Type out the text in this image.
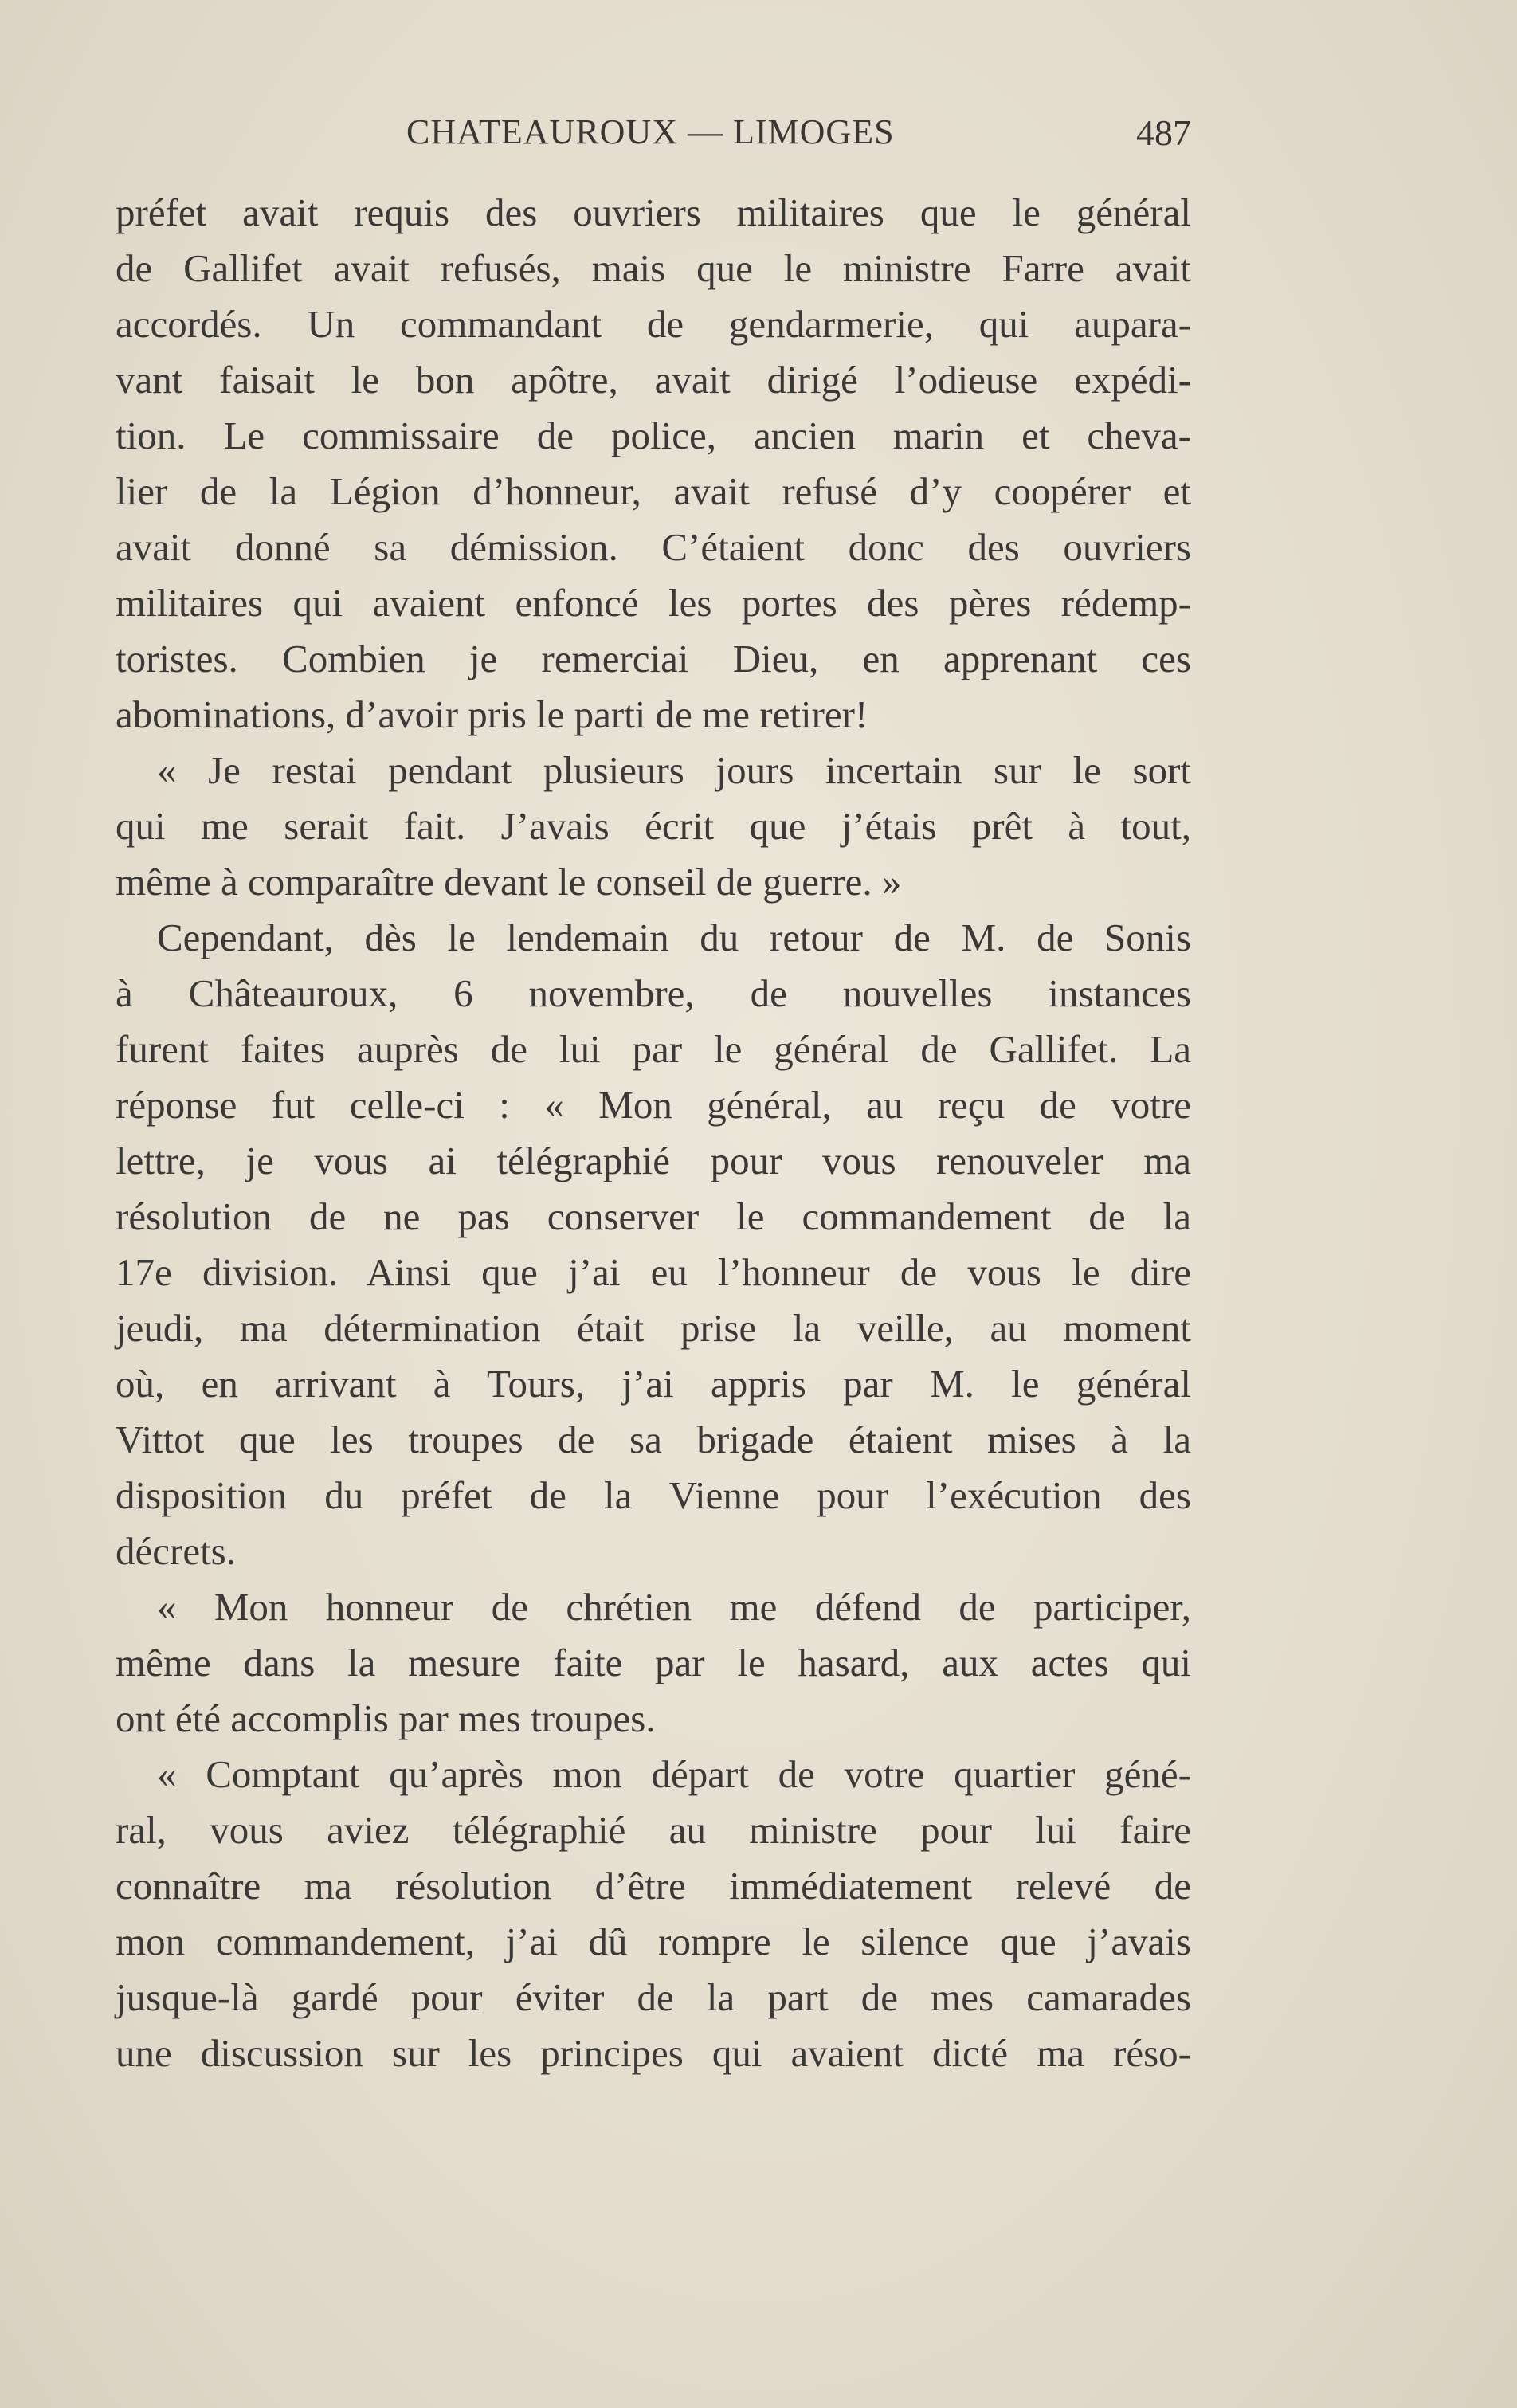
CHATEAUROUX — LIMOGES	487
préfet avait requis des ouvriers militaires que le général
de Gallifet avait refusés, mais que le ministre Farre avait
accordés. Un commandant de gendarmerie, qui aupara-
vant faisait le bon apôtre, avait dirigé l’odieuse expédi-
tion. Le commissaire de police, ancien marin et cheva-
lier de la Légion d’honneur, avait refusé d’y coopérer et
avait donné sa démission. C’étaient donc des ouvriers
militaires qui avaient enfoncé les portes des pères rédemp-
toristes. Combien je remerciai Dieu, en apprenant ces
abominations, d’avoir pris le parti de me retirer!
« Je restai pendant plusieurs jours incertain sur le sort
qui me serait fait. J’avais écrit que j’étais prêt à tout,
même à comparaître devant le conseil de guerre. »
Cependant, dès le lendemain du retour de M. de Sonis
à Châteauroux, 6 novembre, de nouvelles instances
furent faites auprès de lui par le général de Gallifet. La
réponse fut celle-ci : « Mon général, au reçu de votre
lettre, je vous ai télégraphié pour vous renouveler ma
résolution de ne pas conserver le commandement de la
17e division. Ainsi que j’ai eu l’honneur de vous le dire
jeudi, ma détermination était prise la veille, au moment
où, en arrivant à Tours, j’ai appris par M. le général
Vittot que les troupes de sa brigade étaient mises à la
disposition du préfet de la Vienne pour l’exécution des
décrets.
« Mon honneur de chrétien me défend de participer,
même dans la mesure faite par le hasard, aux actes qui
ont été accomplis par mes troupes.
« Comptant qu’après mon départ de votre quartier géné-
ral, vous aviez télégraphié au ministre pour lui faire
connaître ma résolution d’être immédiatement relevé de
mon commandement, j’ai dû rompre le silence que j’avais
jusque-là gardé pour éviter de la part de mes camarades
une discussion sur les principes qui avaient dicté ma réso-
